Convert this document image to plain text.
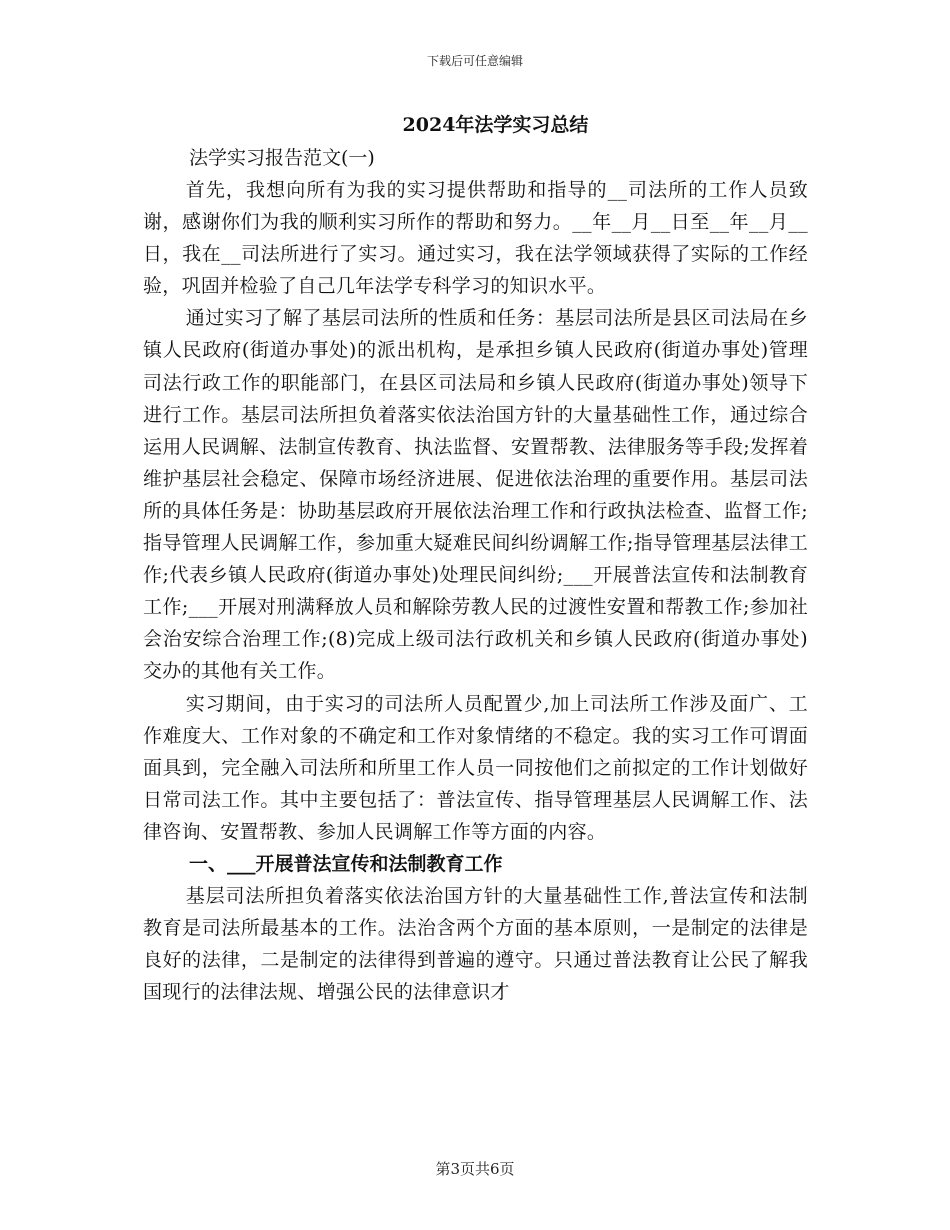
下载后可任意编辑
2024年法学实习总结
法学实习报告范文(一)

首先，我想向所有为我的实习提供帮助和指导的__司法所的工作人员致谢，感谢你们为我的顺利实习所作的帮助和努力。__年__月__日至__年__月__日，我在__司法所进行了实习。通过实习，我在法学领域获得了实际的工作经验，巩固并检验了自己几年法学专科学习的知识水平。

通过实习了解了基层司法所的性质和任务：基层司法所是县区司法局在乡镇人民政府(街道办事处)的派出机构，是承担乡镇人民政府(街道办事处)管理司法行政工作的职能部门，在县区司法局和乡镇人民政府(街道办事处)领导下进行工作。基层司法所担负着落实依法治国方针的大量基础性工作，通过综合运用人民调解、法制宣传教育、执法监督、安置帮教、法律服务等手段;发挥着维护基层社会稳定、保障市场经济进展、促进依法治理的重要作用。基层司法所的具体任务是：协助基层政府开展依法治理工作和行政执法检查、监督工作;指导管理人民调解工作，参加重大疑难民间纠纷调解工作;指导管理基层法律工作;代表乡镇人民政府(街道办事处)处理民间纠纷;___开展普法宣传和法制教育工作;___开展对刑满释放人员和解除劳教人民的过渡性安置和帮教工作;参加社会治安综合治理工作;(8)完成上级司法行政机关和乡镇人民政府(街道办事处)交办的其他有关工作。

实习期间，由于实习的司法所人员配置少,加上司法所工作涉及面广、工作难度大、工作对象的不确定和工作对象情绪的不稳定。我的实习工作可谓面面具到，完全融入司法所和所里工作人员一同按他们之前拟定的工作计划做好日常司法工作。其中主要包括了：普法宣传、指导管理基层人民调解工作、法律咨询、安置帮教、参加人民调解工作等方面的内容。

一、___开展普法宣传和法制教育工作

基层司法所担负着落实依法治国方针的大量基础性工作,普法宣传和法制教育是司法所最基本的工作。法治含两个方面的基本原则，一是制定的法律是良好的法律，二是制定的法律得到普遍的遵守。只通过普法教育让公民了解我国现行的法律法规、增强公民的法律意识才

第3页共6页
